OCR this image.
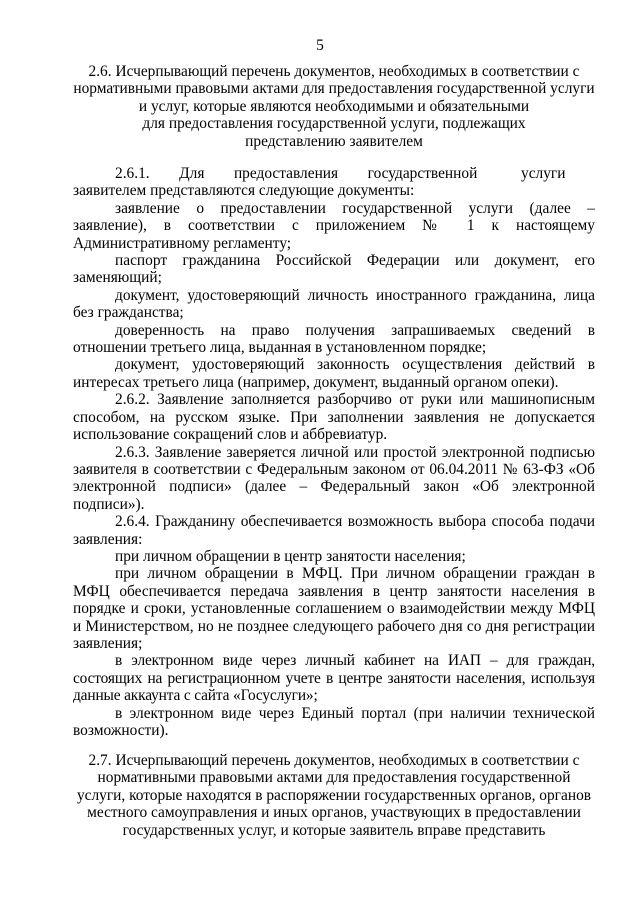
5
2.6. Исчерпывающий перечень документов, необходимых в соответствии с
нормативными правовыми актами для предоставления государственной услуги
и услуг, которые являются необходимыми и обязательными
для предоставления государственной услуги, подлежащих
представлению заявителем

2.6.1.  Для  предоставления  государственной   услуги  заявителем представляются следующие документы:

заявление о предоставлении государственной услуги (далее – заявление), в соответствии с приложением № 1 к настоящему Административному регламенту;

паспорт гражданина Российской Федерации или документ, его заменяющий;

документ, удостоверяющий личность иностранного гражданина, лица без гражданства;

доверенность на право получения запрашиваемых сведений в отношении третьего лица, выданная в установленном порядке;

документ, удостоверяющий законность осуществления действий в интересах третьего лица (например, документ, выданный органом опеки).

2.6.2. Заявление заполняется разборчиво от руки или машинописным способом, на русском языке. При заполнении заявления не допускается использование сокращений слов и аббревиатур.

2.6.3. Заявление заверяется личной или простой электронной подписью заявителя в соответствии с Федеральным законом от 06.04.2011 № 63-ФЗ «Об электронной подписи» (далее – Федеральный закон «Об электронной подписи»).

2.6.4. Гражданину обеспечивается возможность выбора способа подачи заявления:

при личном обращении в центр занятости населения;

при личном обращении в МФЦ. При личном обращении граждан в МФЦ обеспечивается передача заявления в центр занятости населения в порядке и сроки, установленные соглашением о взаимодействии между МФЦ и Министерством, но не позднее следующего рабочего дня со дня регистрации заявления;

в электронном виде через личный кабинет на ИАП – для граждан, состоящих на регистрационном учете в центре занятости населения, используя данные аккаунта с сайта «Госуслуги»;

в электронном виде через Единый портал (при наличии технической возможности).

2.7. Исчерпывающий перечень документов, необходимых в соответствии с
нормативными правовыми актами для предоставления государственной
услуги, которые находятся в распоряжении государственных органов, органов
местного самоуправления и иных органов, участвующих в предоставлении
государственных услуг, и которые заявитель вправе представить
